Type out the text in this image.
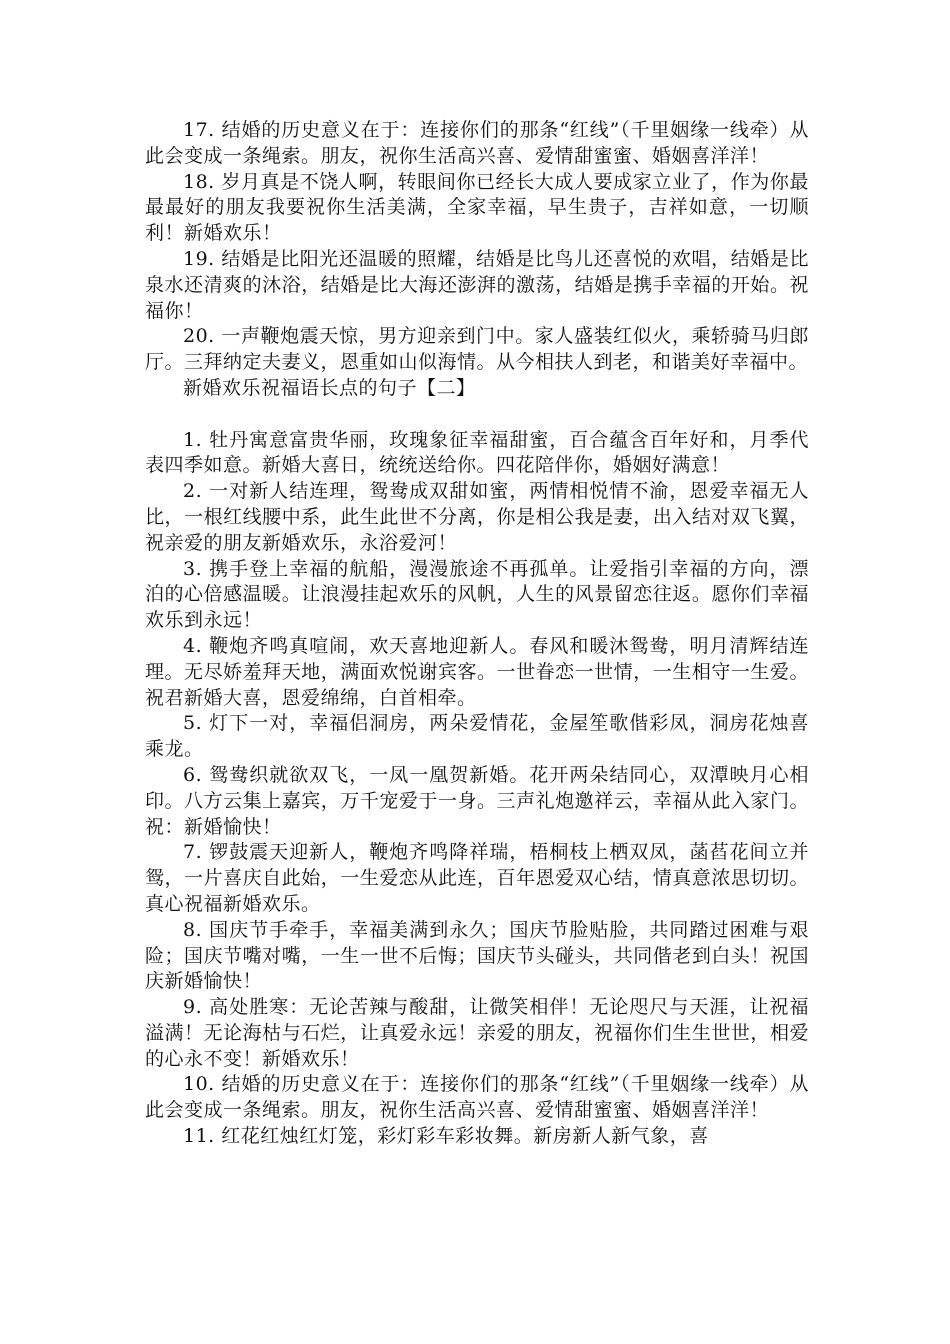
17. 结婚的历史意义在于：连接你们的那条“红线”（千里姻缘一线牵）从此会变成一条绳索。朋友，祝你生活高兴喜、爱情甜蜜蜜、婚姻喜洋洋！

18. 岁月真是不饶人啊，转眼间你已经长大成人要成家立业了，作为你最最最好的朋友我要祝你生活美满，全家幸福，早生贵子，吉祥如意，一切顺利！新婚欢乐！

19. 结婚是比阳光还温暖的照耀，结婚是比鸟儿还喜悦的欢唱，结婚是比泉水还清爽的沐浴，结婚是比大海还澎湃的激荡，结婚是携手幸福的开始。祝福你！

20. 一声鞭炮震天惊，男方迎亲到门中。家人盛装红似火，乘轿骑马归郎厅。三拜纳定夫妻义，恩重如山似海情。从今相扶人到老，和谐美好幸福中。

新婚欢乐祝福语长点的句子【二】

1. 牡丹寓意富贵华丽，玫瑰象征幸福甜蜜，百合蕴含百年好和，月季代表四季如意。新婚大喜日，统统送给你。四花陪伴你，婚姻好满意！

2. 一对新人结连理，鸳鸯成双甜如蜜，两情相悦情不渝，恩爱幸福无人比，一根红线腰中系，此生此世不分离，你是相公我是妻，出入结对双飞翼，祝亲爱的朋友新婚欢乐，永浴爱河！

3. 携手登上幸福的航船，漫漫旅途不再孤单。让爱指引幸福的方向，漂泊的心倍感温暖。让浪漫挂起欢乐的风帆，人生的风景留恋往返。愿你们幸福欢乐到永远！

4. 鞭炮齐鸣真喧闹，欢天喜地迎新人。春风和暖沐鸳鸯，明月清辉结连理。无尽娇羞拜天地，满面欢悦谢宾客。一世眷恋一世情，一生相守一生爱。祝君新婚大喜，恩爱绵绵，白首相牵。

5. 灯下一对，幸福侣洞房，两朵爱情花，金屋笙歌偕彩凤，洞房花烛喜乘龙。

6. 鸳鸯织就欲双飞，一凤一凰贺新婚。花开两朵结同心，双潭映月心相印。八方云集上嘉宾，万千宠爱于一身。三声礼炮邀祥云，幸福从此入家门。祝：新婚愉快！

7. 锣鼓震天迎新人，鞭炮齐鸣降祥瑞，梧桐枝上栖双凤，菡萏花间立并鸳，一片喜庆自此始，一生爱恋从此连，百年恩爱双心结，情真意浓思切切。真心祝福新婚欢乐。

8. 国庆节手牵手，幸福美满到永久；国庆节脸贴脸，共同踏过困难与艰险；国庆节嘴对嘴，一生一世不后悔；国庆节头碰头，共同偕老到白头！祝国庆新婚愉快！

9. 高处胜寒：无论苦辣与酸甜，让微笑相伴！无论咫尺与天涯，让祝福溢满！无论海枯与石烂，让真爱永远！亲爱的朋友，祝福你们生生世世，相爱的心永不变！新婚欢乐！

10. 结婚的历史意义在于：连接你们的那条“红线”（千里姻缘一线牵）从此会变成一条绳索。朋友，祝你生活高兴喜、爱情甜蜜蜜、婚姻喜洋洋！

11. 红花红烛红灯笼，彩灯彩车彩妆舞。新房新人新气象，喜
